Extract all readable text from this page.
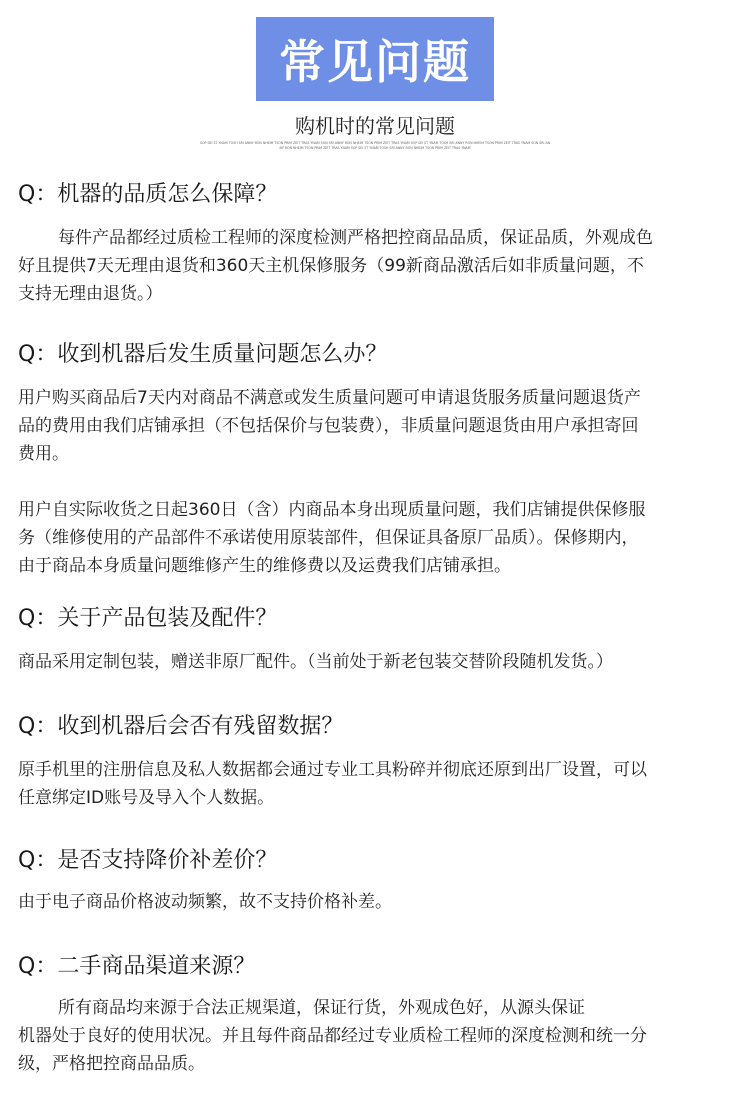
常见问题
购机时的常见问题
SOP SEI ST YNAM TOSH SRI ANNY RON NHEIM TSON PRIM ZEIT TRAS YNAM SON SRI ANNY RON NHEIM TSON PRIM ZEIT TRAS YNAM SOP SEI ST YNAM TOSH SRI ANNY RON NHEIM TSON PRIM ZEIT TRAS YNAM SON SRI ANNY RON NHEIM TSON PRIM ZEIT TRAS YNAM SOP SEI ST YNAM TOSH SRI ANNY RON NHEIM TSON PRIM ZEIT TRAS YNAM
Q：机器的品质怎么保障？
每件产品都经过质检工程师的深度检测严格把控商品品质，保证品质，外观成色
好且提供7天无理由退货和360天主机保修服务（99新商品激活后如非质量问题，不
支持无理由退货。）
Q：收到机器后发生质量问题怎么办？
用户购买商品后7天内对商品不满意或发生质量问题可申请退货服务质量问题退货产
品的费用由我们店铺承担（不包括保价与包装费），非质量问题退货由用户承担寄回
费用。
用户自实际收货之日起360日（含）内商品本身出现质量问题，我们店铺提供保修服
务（维修使用的产品部件不承诺使用原装部件，但保证具备原厂品质）。保修期内，
由于商品本身质量问题维修产生的维修费以及运费我们店铺承担。
Q：关于产品包装及配件？
商品采用定制包装，赠送非原厂配件。（当前处于新老包装交替阶段随机发货。）
Q：收到机器后会否有残留数据？
原手机里的注册信息及私人数据都会通过专业工具粉碎并彻底还原到出厂设置，可以
任意绑定ID账号及导入个人数据。
Q：是否支持降价补差价？
由于电子商品价格波动频繁，故不支持价格补差。
Q：二手商品渠道来源？
所有商品均来源于合法正规渠道，保证行货，外观成色好，从源头保证
机器处于良好的使用状况。并且每件商品都经过专业质检工程师的深度检测和统一分
级，严格把控商品品质。
